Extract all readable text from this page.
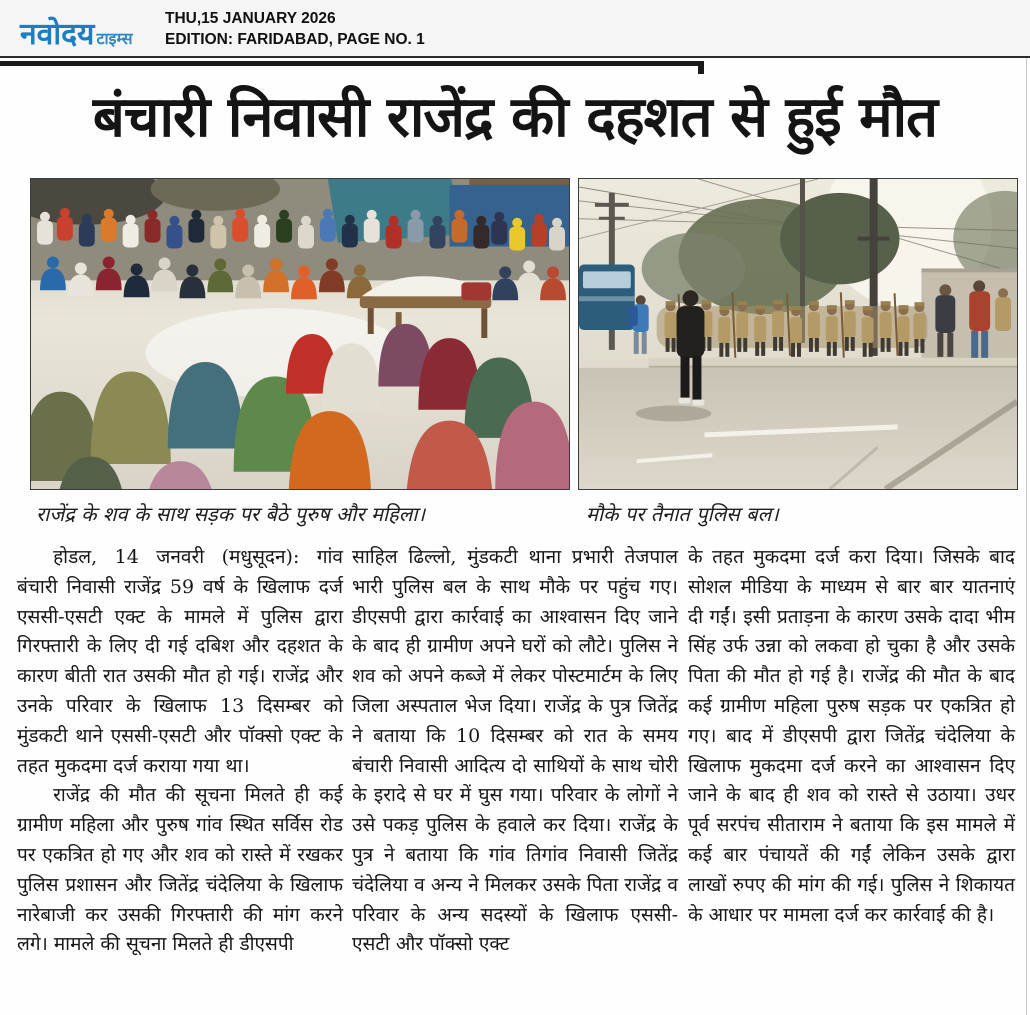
नवोदय टाइम्स
THU,15 JANUARY 2026
EDITION: FARIDABAD, PAGE NO. 1
बंचारी निवासी राजेंद्र की दहशत से हुई मौत

राजेंद्र के शव के साथ सड़क पर बैठे पुरुष और महिला।	मौके पर तैनात पुलिस बल।

होडल, 14 जनवरी (मधुसूदन): गांव बंचारी निवासी राजेंद्र 59 वर्ष के खिलाफ दर्ज एससी-एसटी एक्ट के मामले में पुलिस द्वारा गिरफ्तारी के लिए दी गई दबिश और दहशत के कारण बीती रात उसकी मौत हो गई। राजेंद्र और उनके परिवार के खिलाफ 13 दिसम्बर को मुंडकटी थाने एससी-एसटी और पॉक्सो एक्ट के तहत मुकदमा दर्ज कराया गया था।

राजेंद्र की मौत की सूचना मिलते ही कई ग्रामीण महिला और पुरुष गांव स्थित सर्विस रोड पर एकत्रित हो गए और शव को रास्ते में रखकर पुलिस प्रशासन और जितेंद्र चंदेलिया के खिलाफ नारेबाजी कर उसकी गिरफ्तारी की मांग करने लगे। मामले की सूचना मिलते ही डीएसपी

साहिल ढिल्लो, मुंडकटी थाना प्रभारी तेजपाल भारी पुलिस बल के साथ मौके पर पहुंच गए। डीएसपी द्वारा कार्रवाई का आश्वासन दिए जाने के बाद ही ग्रामीण अपने घरों को लौटे। पुलिस ने शव को अपने कब्जे में लेकर पोस्टमार्टम के लिए जिला अस्पताल भेज दिया। राजेंद्र के पुत्र जितेंद्र ने बताया कि 10 दिसम्बर को रात के समय बंचारी निवासी आदित्य दो साथियों के साथ चोरी के इरादे से घर में घुस गया। परिवार के लोगों ने उसे पकड़ पुलिस के हवाले कर दिया। राजेंद्र के पुत्र ने बताया कि गांव तिगांव निवासी जितेंद्र चंदेलिया व अन्य ने मिलकर उसके पिता राजेंद्र व परिवार के अन्य सदस्यों के खिलाफ एससी-एसटी और पॉक्सो एक्ट

के तहत मुकदमा दर्ज करा दिया। जिसके बाद सोशल मीडिया के माध्यम से बार बार यातनाएं दी गईं। इसी प्रताड़ना के कारण उसके दादा भीम सिंह उर्फ उन्ना को लकवा हो चुका है और उसके पिता की मौत हो गई है। राजेंद्र की मौत के बाद कई ग्रामीण महिला पुरुष सड़क पर एकत्रित हो गए। बाद में डीएसपी द्वारा जितेंद्र चंदेलिया के खिलाफ मुकदमा दर्ज करने का आश्वासन दिए जाने के बाद ही शव को रास्ते से उठाया। उधर पूर्व सरपंच सीताराम ने बताया कि इस मामले में कई बार पंचायतें की गईं लेकिन उसके द्वारा लाखों रुपए की मांग की गई। पुलिस ने शिकायत के आधार पर मामला दर्ज कर कार्रवाई की है।
